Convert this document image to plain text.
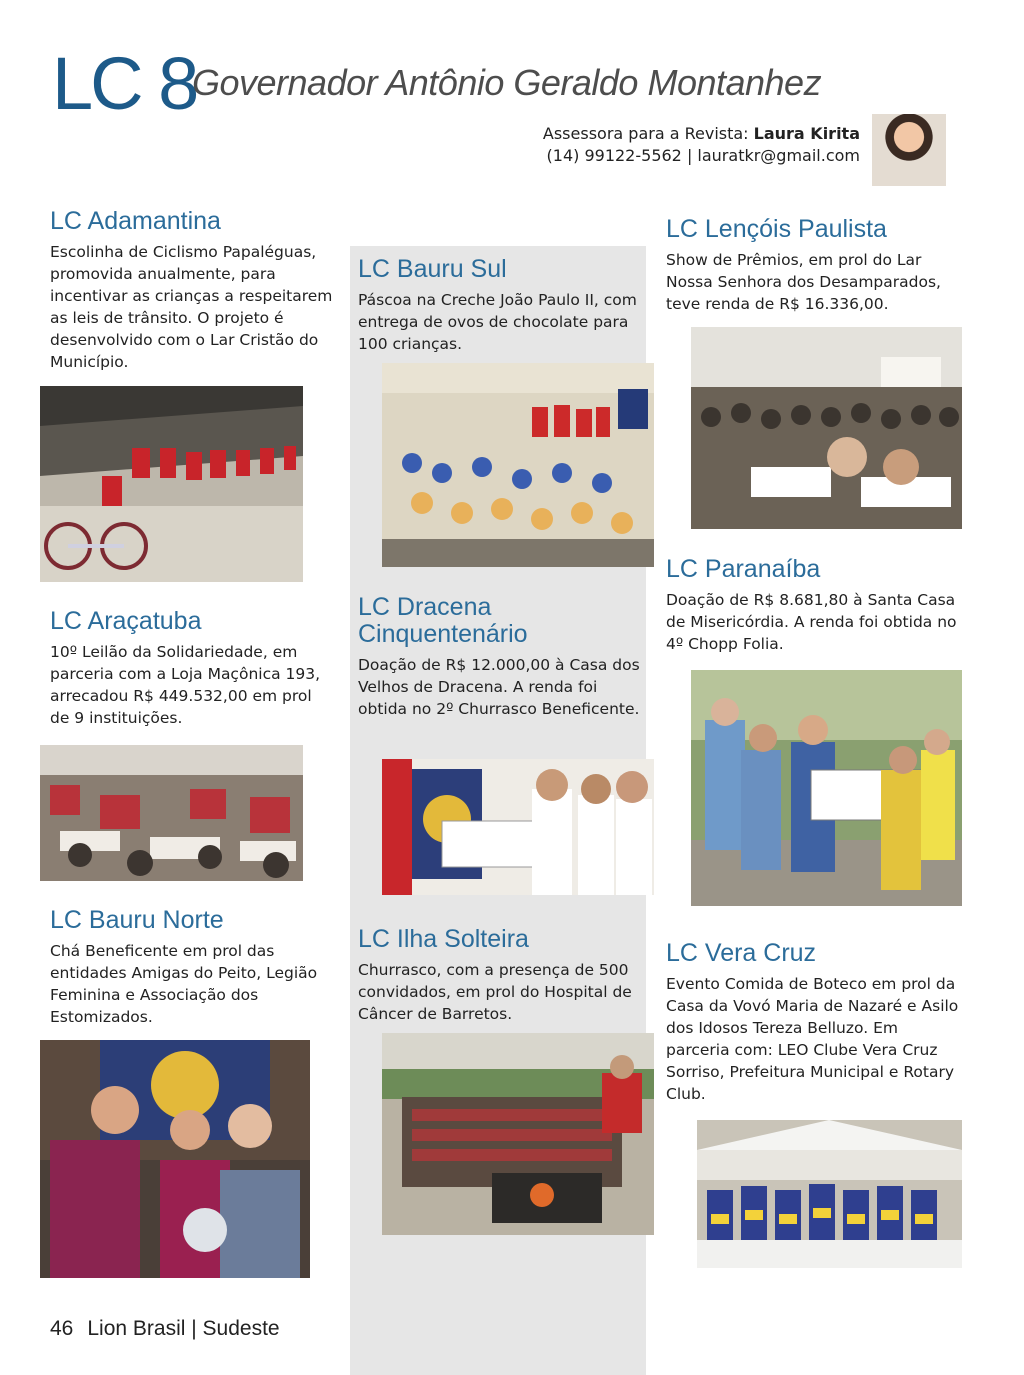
LC 8
Governador Antônio Geraldo Montanhez
Assessora para a Revista: Laura Kirita
(14) 99122-5562 | lauratkr@gmail.com
LC Adamantina

Escolinha de Ciclismo Papaléguas, promovida anualmente, para incentivar as crianças a respeitarem as leis de trânsito. O projeto é desenvolvido com o Lar Cristão do Município.

LC Araçatuba

10º Leilão da Solidariedade, em parceria com a Loja Maçônica 193, arrecadou R$ 449.532,00 em prol de 9 instituições.

LC Bauru Norte

Chá Beneficente em prol das entidades Amigas do Peito, Legião Feminina e Associação dos Estomizados.

LC Bauru Sul

Páscoa na Creche João Paulo II, com entrega de ovos de chocolate para 100 crianças.

LC Dracena Cinquentenário

Doação de R$ 12.000,00 à Casa dos Velhos de Dracena. A renda foi obtida no 2º Churrasco Beneficente.

LC Ilha Solteira

Churrasco, com a presença de 500 convidados, em prol do Hospital de Câncer de Barretos.

LC Lençóis Paulista

Show de Prêmios, em prol do Lar Nossa Senhora dos Desamparados, teve renda de R$ 16.336,00.

LC Paranaíba

Doação de R$ 8.681,80 à Santa Casa de Misericórdia. A renda foi obtida no 4º Chopp Folia.

LC Vera Cruz

Evento Comida de Boteco em prol da Casa da Vovó Maria de Nazaré e Asilo dos Idosos Tereza Belluzo. Em parceria com: LEO Clube Vera Cruz Sorriso, Prefeitura Municipal e Rotary Club.

46 Lion Brasil | Sudeste
